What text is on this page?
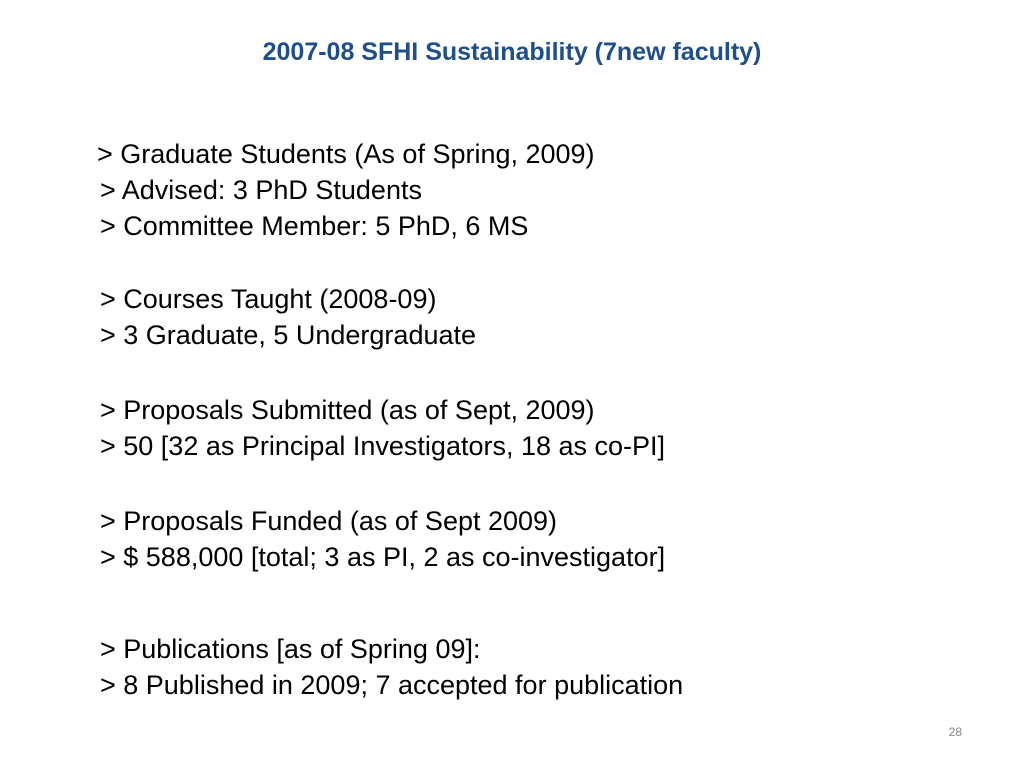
2007-08 SFHI Sustainability (7new faculty)
> Graduate Students (As of Spring, 2009)
> Advised: 3 PhD Students
> Committee Member: 5 PhD, 6 MS
> Courses Taught (2008-09)
> 3 Graduate, 5 Undergraduate
> Proposals Submitted (as of Sept, 2009)
> 50 [32 as Principal Investigators, 18 as co-PI]
> Proposals Funded (as of Sept 2009)
> $ 588,000 [total; 3 as PI, 2 as co-investigator]
> Publications [as of Spring 09]:
> 8 Published in 2009; 7 accepted for publication
28
